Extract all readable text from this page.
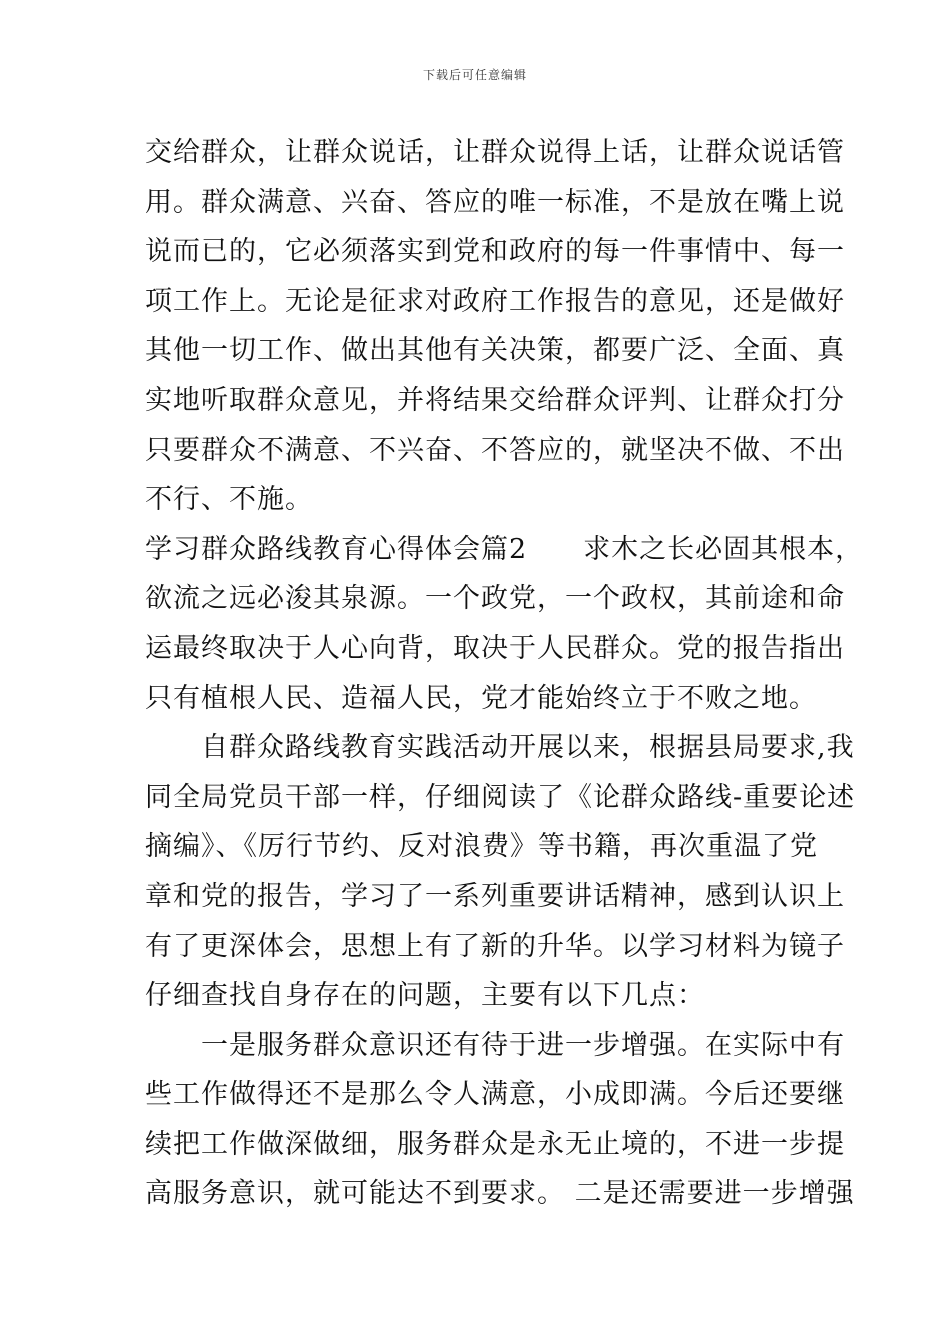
下载后可任意编辑
交给群众，让群众说话，让群众说得上话，让群众说话管
用。群众满意、兴奋、答应的唯一标准，不是放在嘴上说
说而已的，它必须落实到党和政府的每一件事情中、每一
项工作上。无论是征求对政府工作报告的意见，还是做好
其他一切工作、做出其他有关决策，都要广泛、全面、真
实地听取群众意见，并将结果交给群众评判、让群众打分
只要群众不满意、不兴奋、不答应的，就坚决不做、不出
不行、不施。
学习群众路线教育心得体会篇2　　求木之长必固其根本，
欲流之远必浚其泉源。一个政党，一个政权，其前途和命
运最终取决于人心向背，取决于人民群众。党的报告指出
只有植根人民、造福人民，党才能始终立于不败之地。
　　自群众路线教育实践活动开展以来，根据县局要求,我
同全局党员干部一样，仔细阅读了《论群众路线-重要论述
摘编》、《厉行节约、反对浪费》等书籍，再次重温了党
章和党的报告，学习了一系列重要讲话精神，感到认识上
有了更深体会，思想上有了新的升华。以学习材料为镜子
仔细查找自身存在的问题，主要有以下几点：
　　一是服务群众意识还有待于进一步增强。在实际中有
些工作做得还不是那么令人满意，小成即满。今后还要继
续把工作做深做细，服务群众是永无止境的，不进一步提
高服务意识，就可能达不到要求。 二是还需要进一步增强
